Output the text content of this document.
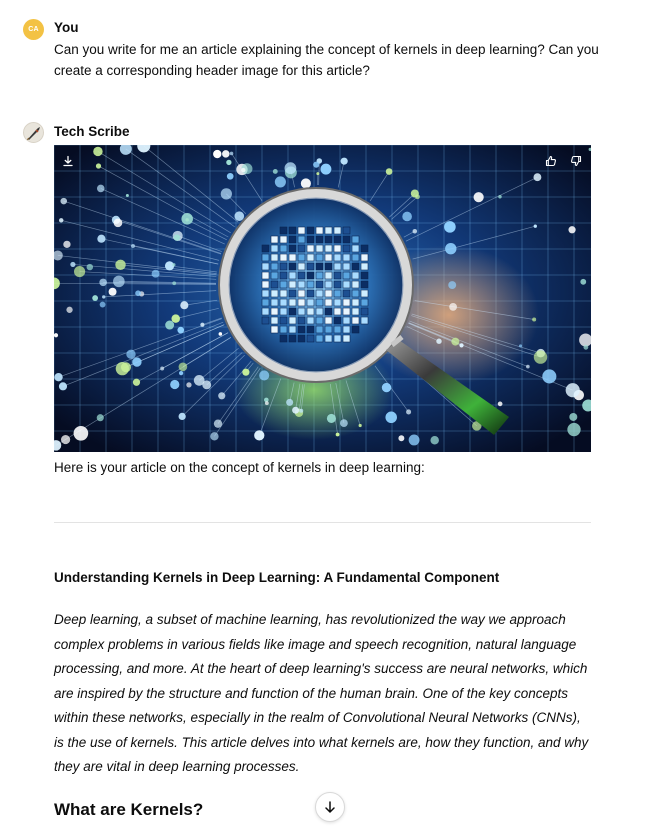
CA You
Can you write for me an article explaining the concept of kernels in deep learning? Can you create a corresponding header image for this article?
Tech Scribe
Here is your article on the concept of kernels in deep learning:
Understanding Kernels in Deep Learning: A Fundamental Component
Deep learning, a subset of machine learning, has revolutionized the way we approach complex problems in various fields like image and speech recognition, natural language processing, and more. At the heart of deep learning's success are neural networks, which are inspired by the structure and function of the human brain. One of the key concepts within these networks, especially in the realm of Convolutional Neural Networks (CNNs), is the use of kernels. This article delves into what kernels are, how they function, and why they are vital in deep learning processes.
What are Kernels?
